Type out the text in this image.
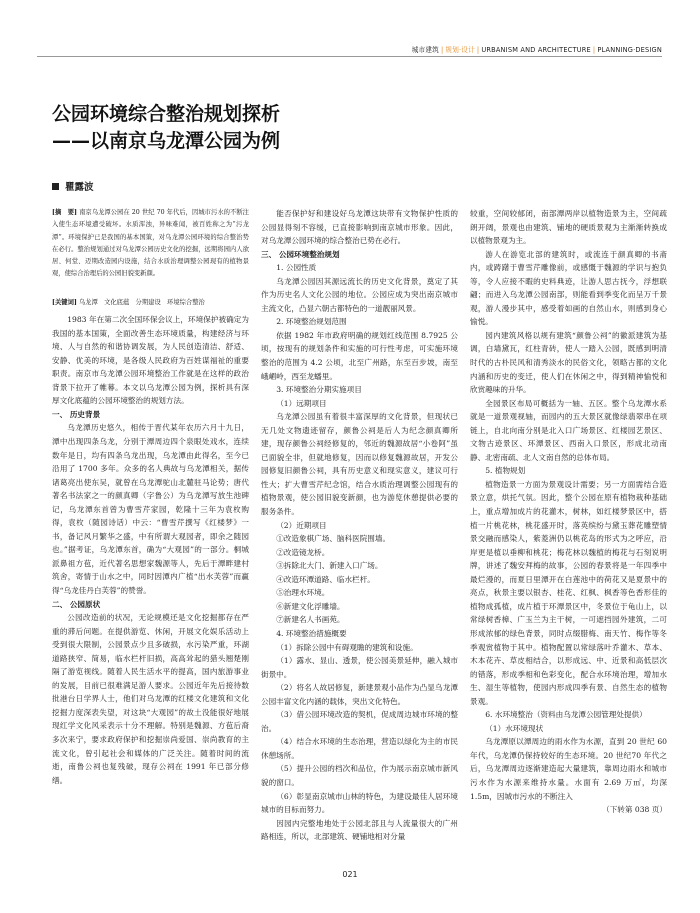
城市建筑 | 规划·设计 | URBANISM AND ARCHITECTURE | PLANNING·DESIGN
公园环境综合整治规划探析
——以南京乌龙潭公园为例
瞿露波

[摘　要] 南京乌龙潭公园在 20 世纪 70 年代后，因城市污水的不断注入使生态环境遭受破坏。水质浑浊，异味难闻，被百姓称之为“污龙潭”。环境保护已是我国的基本国策，对乌龙潭公园环境的综合整治势在必行。整治规划通过对乌龙潭公园历史文化的挖掘，远期将园内人欲居、何堂、迈期改造园内设施，结合水质治理调整公园现有的植物景观，使综合治理后的公园旧貌变新颜。

[关键词] 乌龙潭　文化底蕴　分期建设　环境综合整治

1983 年在第二次全国环保会议上，环境保护被确定为我国的基本国策，全面改善生态环境质量，构建经济与环境、人与自然的和谐协调发展，为人民创造清洁、舒适、安静、优美的环境，是各级人民政府为百姓谋福祉的重要职责。南京市乌龙潭公园环境整治工作就是在这样的政治背景下拉开了帷幕。本文以乌龙潭公园为例，探析具有深厚文化底蕴的公园环境整治的规划方法。

一、 历史背景

乌龙潭历史悠久，相传于晋代某年农历六月十九日，潭中出现四条乌龙，分别于潭周边四个泉眼处戏水，连续数年是日，均有四条乌龙出现，乌龙潭由此得名，至今已沿用了 1700 多年。众多的名人典故与乌龙潭相关，据传诸葛亮出使东吴，就曾在乌龙潭驼山北麓驻马论势；唐代著名书法家之一的颜真卿（字鲁公）为乌龙潭写放生池碑记，乌龙潭东首曾为曹雪芹家园，乾隆十三年为袁枚购得，袁枚（随园诗话）中云：“曹雪芹撰写《红楼梦》一书，备记风月繁华之盛，中有所谓大观园者，即余之随园也。”据考证，乌龙潭东首，确为“大观园”的一部分。桐城派鼻祖方苞，近代著名思想家魏源等人，先后于潭畔建村筑舍，寄情于山水之中，同时因潭内广植“出水芙蓉”而赢得“乌龙佳丹白芙蓉”的赞誉。

二、 公园原状

公园改造前的状况，无论规模还是文化挖掘都存在严重的滞后问题。在提供游览、休闲，开展文化娱乐活动上受到很大限制，公园景点少且多破损，水污染严重，环湖道路狭窄、简易，临水栏杆旧损，高高耸起的猎头翘楚刚隔了游览视线。随着人民生活水平的提高，国内旅游事业的发展，目前已很难满足游人要求。公园近年先后接待数批港台日学界人士，他们对乌龙潭的红楼文化建筑和文化挖掘力度深表失望，对这块“大观园”的故土没能很好地展现红学文化风采表示十分不理解。特别是魏源、方苞后裔多次来宁，要求政府保护和挖掘崇尚爱国、崇尚教育的主流文化，曾引起社会和媒体的广泛关注。随着时间的流逝，南鲁公祠也复残破，现存公祠在 1991 年已部分修缮。

能否保护好和建设好乌龙潭这块带有文物保护性质的公园显得刻不容缓，已直接影响到南京城市形象。因此，对乌龙潭公园环境的综合整治已势在必行。

三、 公园环境整治规划

1. 公园性质

乌龙潭公园因其源远流长的历史文化背景，奠定了其作为历史名人文化公园的地位。公园应成为突出南京城市主流文化，凸显六朝古都特色的一道靓丽风景。

2. 环境整治规划范围

依据 1982 年市政府明确的规划红线范围 8.7925 公顷，按现有的规划条件和实施的可行性考虑，可实施环境整治的范围为 4.2 公顷，北至广州路，东至百步坡，南至峨嵋岭，西至龙蟠里。

3. 环境整治分期实施项目

（1）远期项目

乌龙潭公园虽有着很丰富深厚的文化背景，但现状已无几处文物遗迹留存，颜鲁公祠是后人为纪念颜真卿所建，现存颜鲁公祠经修复的，邻近的魏源故居“小卷阿”虽已面貌全非，但就地修复，因而以修复魏源故居，开发公园修复旧颜鲁公祠，具有历史意义和现实意义，建议可行性大；扩大曹雪芹纪念馆，结合水质治理调整公园现有的植物景观，使公园旧貌变新颜，也为游览休憩提供必要的服务条件。

（2）近期项目

①改造象棋广场、脑科医院围墙。

②改造镜龙桥。

③拆除北大门、新建入口广场。

④改造环潭道路、临水栏杆。

⑤治理水环境。

⑥新建文化浮雕墙。

⑦新建名人书画苑。

4. 环境整治措施概要

（1）拆除公园中有碍观瞻的建筑和设施。

（1）露水、显山、透景，使公园美景延伸，融入城市街景中。

（2）将名人故居修复，新建景观小品作为凸显乌龙潭公园丰富文化内涵的载体，突出文化特色。

（3）借公园环境改造的契机，促成周边城市环境的整治。

（4）结合水环境的生态治理，营造以绿化为主的市民休憩场所。

（5）提升公园的档次和品位，作为展示南京城市新风貌的窗口。

（6）彰显南京城市山林的特色，为建设最佳人居环境城市的目标而努力。

因园内完整地地处于公园北部且与人流量很大的广州路相连，所以，北部建筑、硬铺地相对分量

较重，空间较郁闭，南部潭两岸以植物造景为主，空间疏朗开阔，景观也由建筑、铺地的硬质景观为主渐渐转换成以植物景观为主。

游人在游览北部的建筑时，或流连于颜真卿的书斋内，或踌躇于曹雪芹雕像前，或感慨于魏源的学识与抱负等，令人应接不暇的史料典迹，让游人思古抚今，浮想联翩；而进入乌龙潭公园南部，则能看到季变化而呈万千景观，游人漫步其中，感受着如画的自然山水，则感到身心愉悦。

园内建筑风格以规有建筑“颜鲁公祠”的徽派建筑为基调，白墙黛瓦，红柱青砖，使人一踏入公园，既感到明清时代的古朴民风和清秀淡水的民俗文化，领略古都的文化内涵和历史的变迁，使人们在休闲之中，得到精神愉悦和欣赏趣味的升华。

全园景区布局可概括为一轴、五区。整个乌龙潭水系就是一道景观视轴，而园内的五大景区就像绿翡翠串在项链上，自北向南分别是北入口广场景区、红楼园艺景区、文物古迹景区、环潭景区、西南入口景区，形成北动南静、北密南疏、北人文南自然的总体布局。

5. 植物规划

植物造景一方面为景观设计需要；另一方面需结合造景立意，烘托气氛。因此，整个公园在原有植物栽种基础上，重点增加成片的花灌木，树林，如红楼梦景区中，搭植一片桃花林，桃花盛开时，落英缤纷与黛玉葬花雕塑情景交融而感染人，紫菱洲仍以桃花岛的形式为之呼应，沿岸更是植以垂柳和桃花；梅花林以魏植的梅花与石刻说明牌，讲述了魏安拜梅的故事，公园的春景将是一年四季中最烂漫的，而夏日里潭开在白莲池中的荷花又是夏景中的亮点，秋景主要以银杏、桂花、红枫、枫香等色香形佳的植物成孤植，成片植于环潭景区中，冬景位于龟山上，以常绿树香樟、广玉兰为主干树，一可遮挡园外建筑，二可形成浓郁的绿色背景，同时点缀腊梅、南天竹、梅作等冬季观赏植物于其中。植物配置以常绿落叶乔灌木、草本、木本花卉、草皮相结合，以形成远、中、近景和高低层次的错落，形成季相和色彩变化，配合水环境治理，增加水生、湿生等植物，使园内形成四季有景、自然生态的植物景观。

6. 水环境整治（资料由乌龙潭公园管理处提供）

（1）水环境现状

乌龙潭原以潭周边的雨水作为水源，直到 20 世纪 60 年代，乌龙潭仍保持较好的生态环境。20 世纪70 年代之后，乌龙潭周边逐渐建造起大量建筑，靠周边雨水和城市污水作为水源来维持水量。水面有 2.69 万㎡，均深 1.5m，因城市污水的不断注入

（下转第 038 页）

021
